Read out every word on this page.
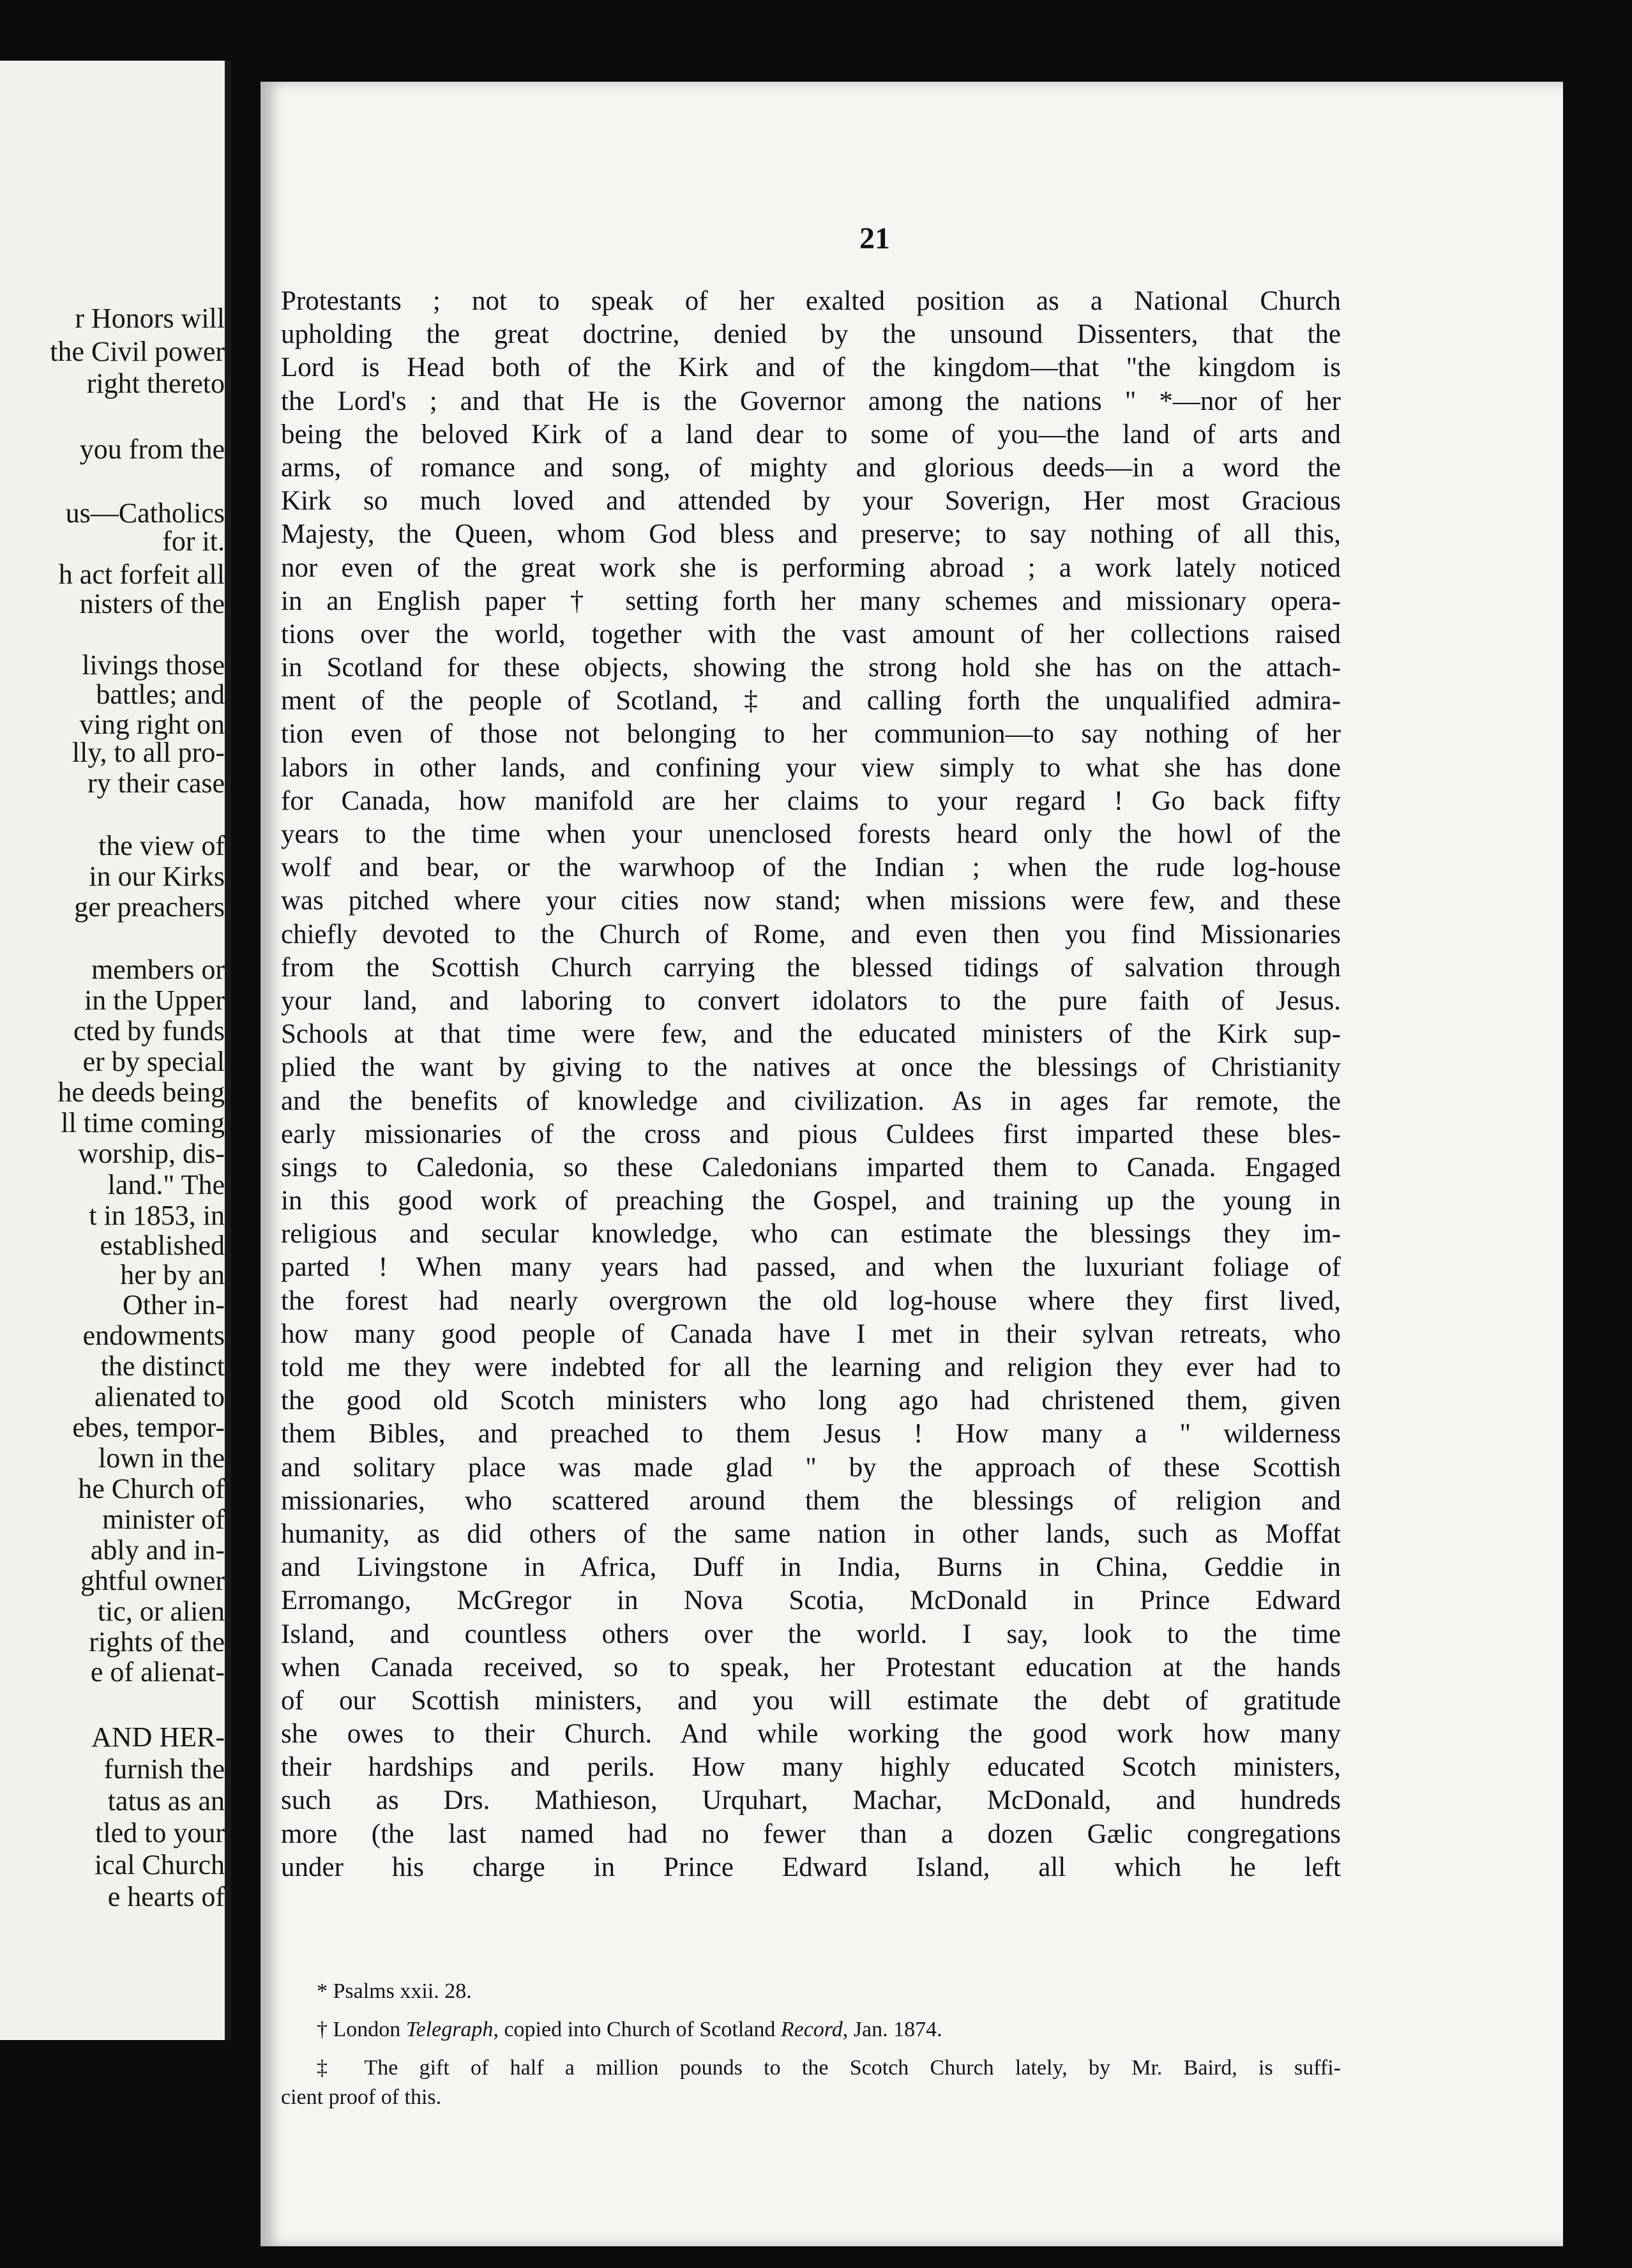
r Honors will
the Civil power
right thereto
you from the
us—Catholics
for it.
h act forfeit all
nisters of the
livings those
battles; and
ving right on
lly, to all pro-
ry their case
the view of
in our Kirks
ger preachers
members or
in the Upper
cted by funds
er by special
he deeds being
ll time coming
worship, dis-
land." The
t in 1853, in
established
her by an
Other in-
endowments
the distinct
alienated to
ebes, tempor-
lown in the
he Church of
minister of
ably and in-
ghtful owner
tic, or alien
rights of the
e of alienat-
AND HER-
furnish the
tatus as an
tled to your
ical Church
e hearts of
21
Protestants ; not to speak of her exalted position as a National Church
upholding the great doctrine, denied by the unsound Dissenters, that the
Lord is Head both of the Kirk and of the kingdom—that "the kingdom is
the Lord's ; and that He is the Governor among the nations " *—nor of her
being the beloved Kirk of a land dear to some of you—the land of arts and
arms, of romance and song, of mighty and glorious deeds—in a word the
Kirk so much loved and attended by your Soverign, Her most Gracious
Majesty, the Queen, whom God bless and preserve; to say nothing of all this,
nor even of the great work she is performing abroad ; a work lately noticed
in an English paper † setting forth her many schemes and missionary opera-
tions over the world, together with the vast amount of her collections raised
in Scotland for these objects, showing the strong hold she has on the attach-
ment of the people of Scotland, ‡ and calling forth the unqualified admira-
tion even of those not belonging to her communion—to say nothing of her
labors in other lands, and confining your view simply to what she has done
for Canada, how manifold are her claims to your regard ! Go back fifty
years to the time when your unenclosed forests heard only the howl of the
wolf and bear, or the warwhoop of the Indian ; when the rude log-house
was pitched where your cities now stand; when missions were few, and these
chiefly devoted to the Church of Rome, and even then you find Missionaries
from the Scottish Church carrying the blessed tidings of salvation through
your land, and laboring to convert idolators to the pure faith of Jesus.
Schools at that time were few, and the educated ministers of the Kirk sup-
plied the want by giving to the natives at once the blessings of Christianity
and the benefits of knowledge and civilization. As in ages far remote, the
early missionaries of the cross and pious Culdees first imparted these bles-
sings to Caledonia, so these Caledonians imparted them to Canada. Engaged
in this good work of preaching the Gospel, and training up the young in
religious and secular knowledge, who can estimate the blessings they im-
parted ! When many years had passed, and when the luxuriant foliage of
the forest had nearly overgrown the old log-house where they first lived,
how many good people of Canada have I met in their sylvan retreats, who
told me they were indebted for all the learning and religion they ever had to
the good old Scotch ministers who long ago had christened them, given
them Bibles, and preached to them Jesus ! How many a " wilderness
and solitary place was made glad " by the approach of these Scottish
missionaries, who scattered around them the blessings of religion and
humanity, as did others of the same nation in other lands, such as Moffat
and Livingstone in Africa, Duff in India, Burns in China, Geddie in
Erromango, McGregor in Nova Scotia, McDonald in Prince Edward
Island, and countless others over the world. I say, look to the time
when Canada received, so to speak, her Protestant education at the hands
of our Scottish ministers, and you will estimate the debt of gratitude
she owes to their Church. And while working the good work how many
their hardships and perils. How many highly educated Scotch ministers,
such as Drs. Mathieson, Urquhart, Machar, McDonald, and hundreds
more (the last named had no fewer than a dozen Gælic congregations
under his charge in Prince Edward Island, all which he left
* Psalms xxii. 28.
† London Telegraph, copied into Church of Scotland Record, Jan. 1874.
‡ The gift of half a million pounds to the Scotch Church lately, by Mr. Baird, is suffi-
cient proof of this.
